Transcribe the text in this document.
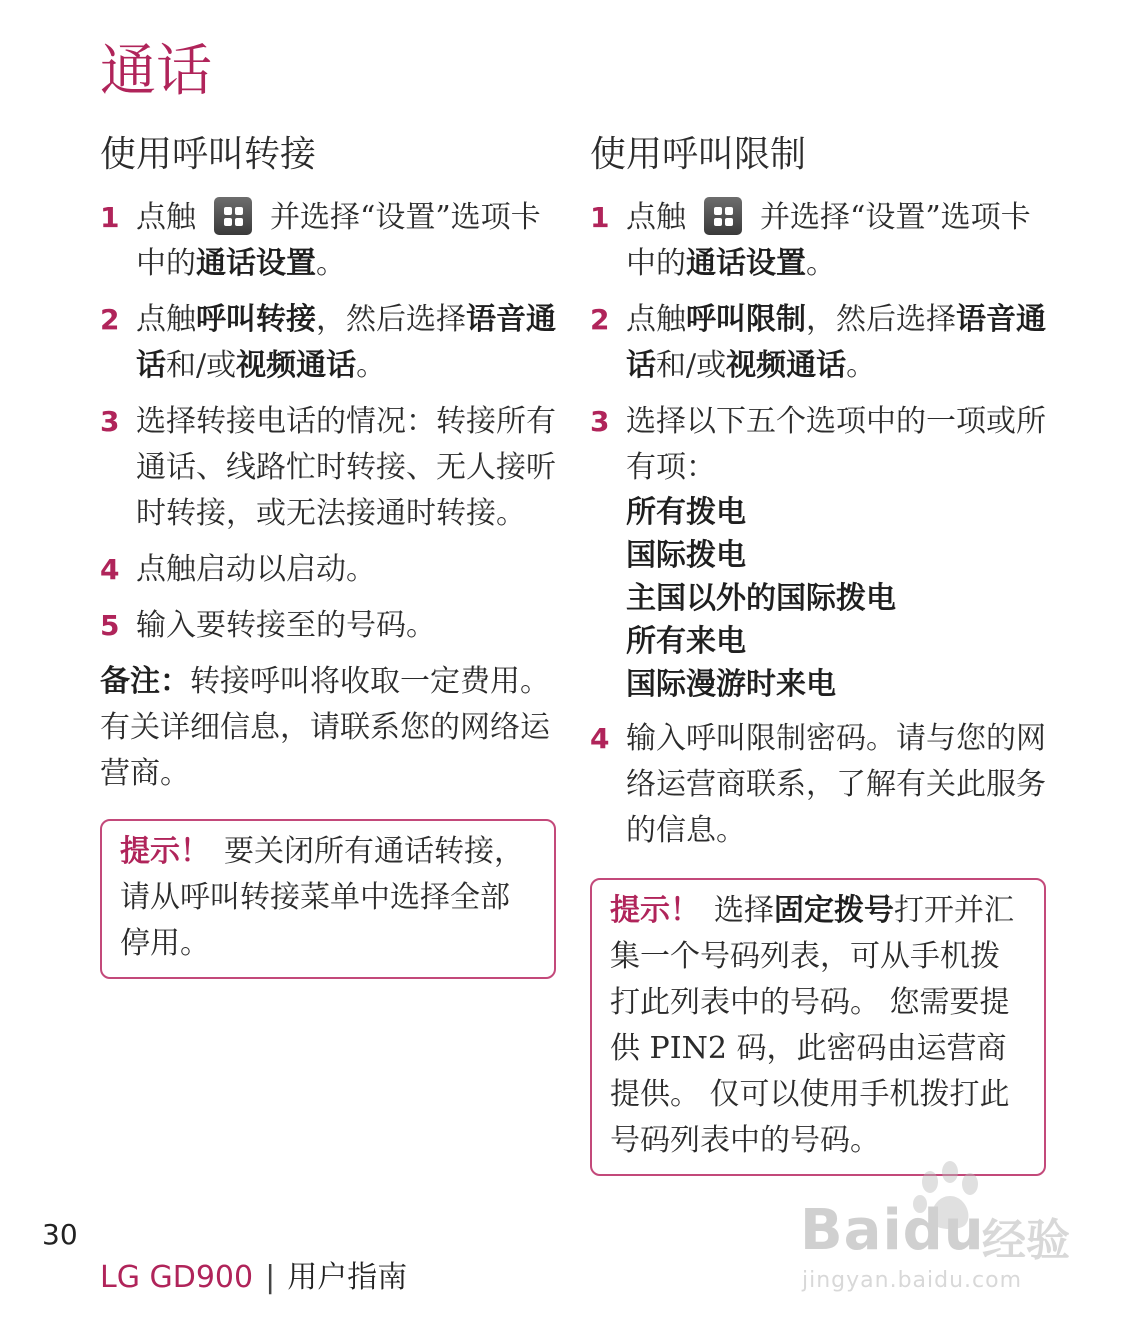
通话
使用呼叫转接
1 点触 并选择“设置”选项卡中的通话设置。
2 点触呼叫转接，然后选择语音通话和/或视频通话。
3 选择转接电话的情况：转接所有通话、线路忙时转接、无人接听时转接，或无法接通时转接。
4 点触启动以启动。
5 输入要转接至的号码。

备注：转接呼叫将收取一定费用。有关详细信息，请联系您的网络运营商。

提示！ 要关闭所有通话转接，请从呼叫转接菜单中选择全部停用。
使用呼叫限制
1 点触 并选择“设置”选项卡中的通话设置。
2 点触呼叫限制，然后选择语音通话和/或视频通话。
3 选择以下五个选项中的一项或所有项：
所有拨电
国际拨电
主国以外的国际拨电
所有来电
国际漫游时来电
4 输入呼叫限制密码。请与您的网络运营商联系，了解有关此服务的信息。
提示！ 选择固定拨号打开并汇集一个号码列表，可从手机拨打此列表中的号码。 您需要提供 PIN2 码，此密码由运营商提供。 仅可以使用手机拨打此号码列表中的号码。
30
LG GD900 | 用户指南
Baidu
经验
jingyan.baidu.com
